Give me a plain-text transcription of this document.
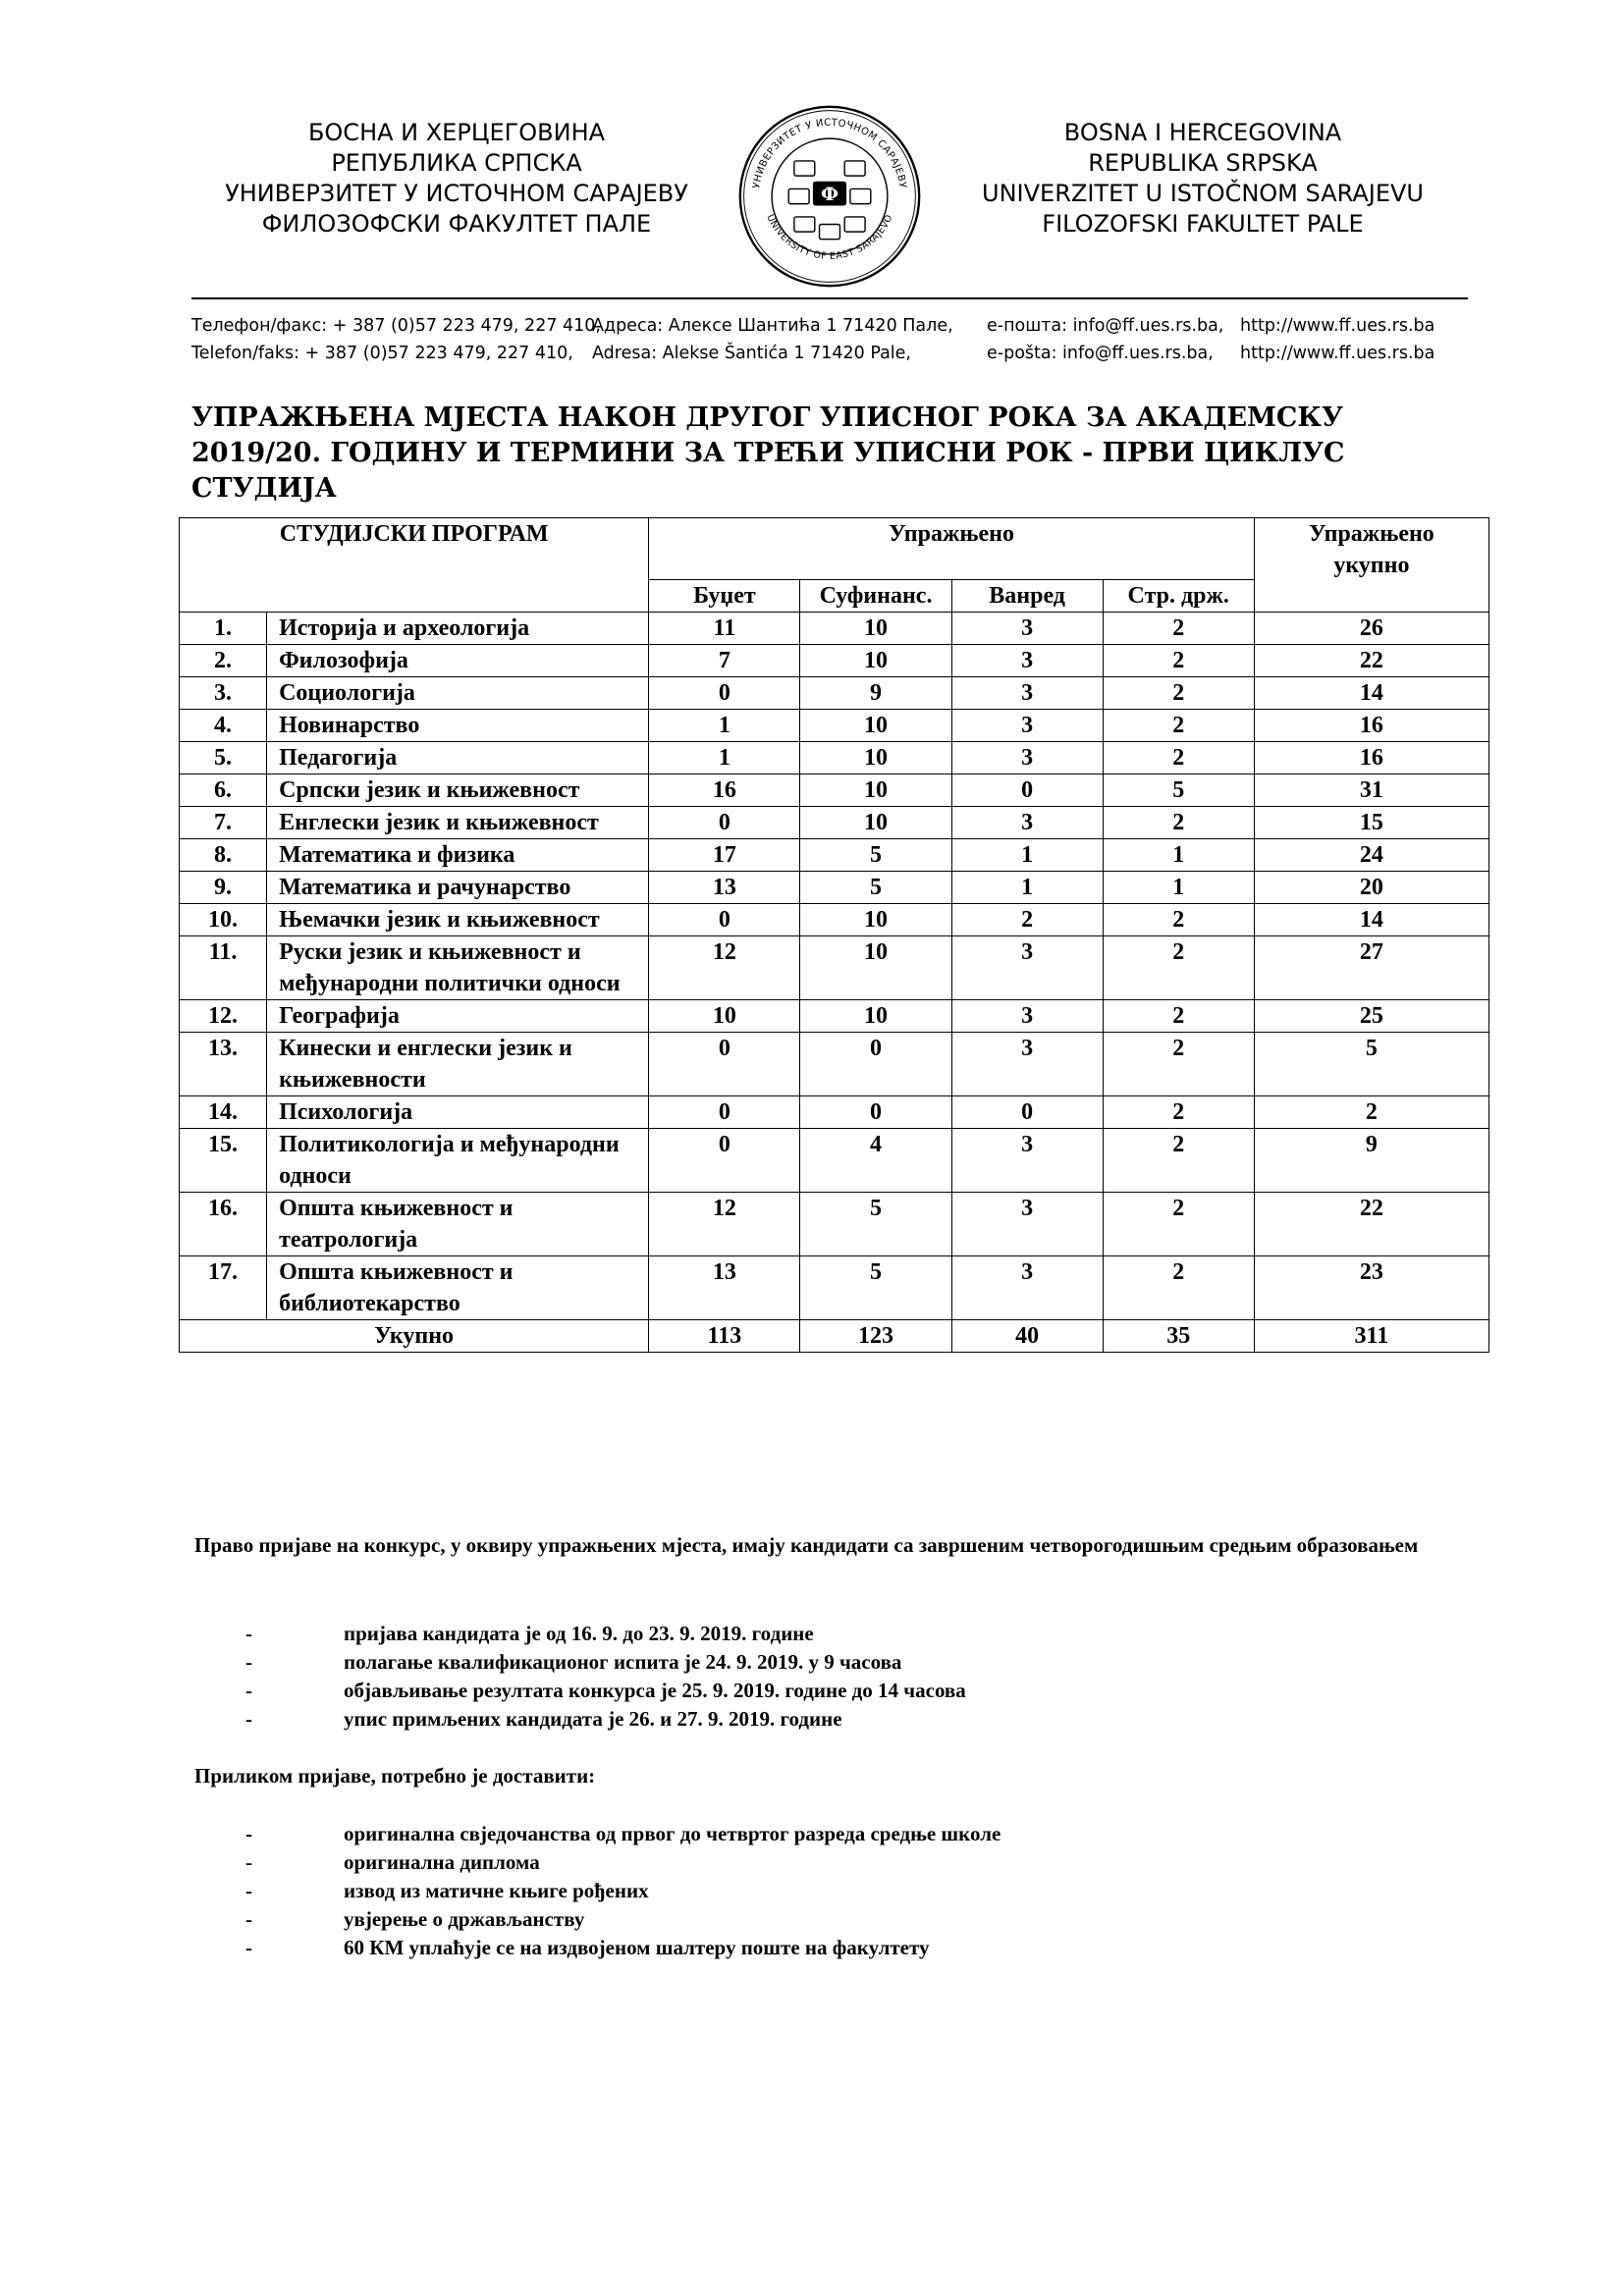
БОСНА И ХЕРЦЕГОВИНА
РЕПУБЛИКА СРПСКА
УНИВЕРЗИТЕТ У ИСТОЧНОМ САРАЈЕВУ
ФИЛОЗОФСКИ ФАКУЛТЕТ ПАЛЕ
УНИВЕРЗИТЕТ У ИСТОЧНОМ САРАЈЕВУ
UNIVERSITY OF EAST SARAJEVO
Ф
BOSNA I HERCEGOVINA
REPUBLIKA SRPSKA
UNIVERZITET U ISTOČNOM SARAJEVU
FILOZOFSKI FAKULTET PALE
Телефон/факс: + 387 (0)57 223 479, 227 410,
Адреса: Алексе Шантића 1 71420 Пале,	е-пошта: info@ff.ues.rs.ba, http://www.ff.ues.rs.ba
Telefon/faks: + 387 (0)57 223 479, 227 410,	Adresa: Alekse Šantića 1 71420 Pale,	e-pošta: info@ff.ues.rs.ba,	http://www.ff.ues.rs.ba
УПРАЖЊЕНА МЈЕСТА НАКОН ДРУГОГ УПИСНОГ РОКА ЗА АКАДЕМСКУ 2019/20. ГОДИНУ И ТЕРМИНИ ЗА ТРЕЋИ УПИСНИ РОК - ПРВИ ЦИКЛУС СТУДИЈА
СТУДИЈСКИ ПРОГРАМ		Упражњено				Упражњено
укупно

		Буџет	Суфинанс.	Ванред	Стр. држ.	
1.	Историја и археологија	11	10	3	2	26
2.	Филозофија	7	10	3	2	22
3.	Социологија	0	9	3	2	14
4.	Новинарство	1	10	3	2	16
5.	Педагогија	1	10	3	2	16
6.	Српски језик и књижевност	16	10	0	5	31
7.	Енглески језик и књижевност	0	10	3	2	15
8.	Математика и физика	17	5	1	1	24
9.	Математика и рачунарство	13	5	1	1	20
10.	Њемачки језик и књижевност	0	10	2	2	14
11.	Руски језик и књижевност и међународни политички односи	12	10	3	2	27
12.	Географија	10	10	3	2	25
13.	Кинески и енглески језик и књижевности	0	0	3	2	5
14.	Психологија	0	0	0	2	2
15.	Политикологија и међународни односи	0	4	3	2	9
16.	Општа књижевност и театрологија	12	5	3	2	22
17.	Општа књижевност и библиотекарство	13	5	3	2	23
Укупно		113	123	40	35	311

Право пријаве на конкурс, у оквиру упражњених мјеста, имају кандидати са завршеним четворогодишњим средњим образовањем

-	пријава кандидата је од 16. 9. до 23. 9. 2019. године
-	полагање квалификационог испита је 24. 9. 2019. у 9 часова
-	објављивање резултата конкурса је 25. 9. 2019. године до 14 часова
-	упис примљених кандидата је 26. и 27. 9. 2019. године

Приликом пријаве, потребно је доставити:

-	оригинална свједочанства од првог до четвртог разреда средње школе
-	оригинална диплома
-	извод из матичне књиге рођених
-	увјерење о држављанству
-	60 КМ уплаћује се на издвојеном шалтеру поште на факултету
